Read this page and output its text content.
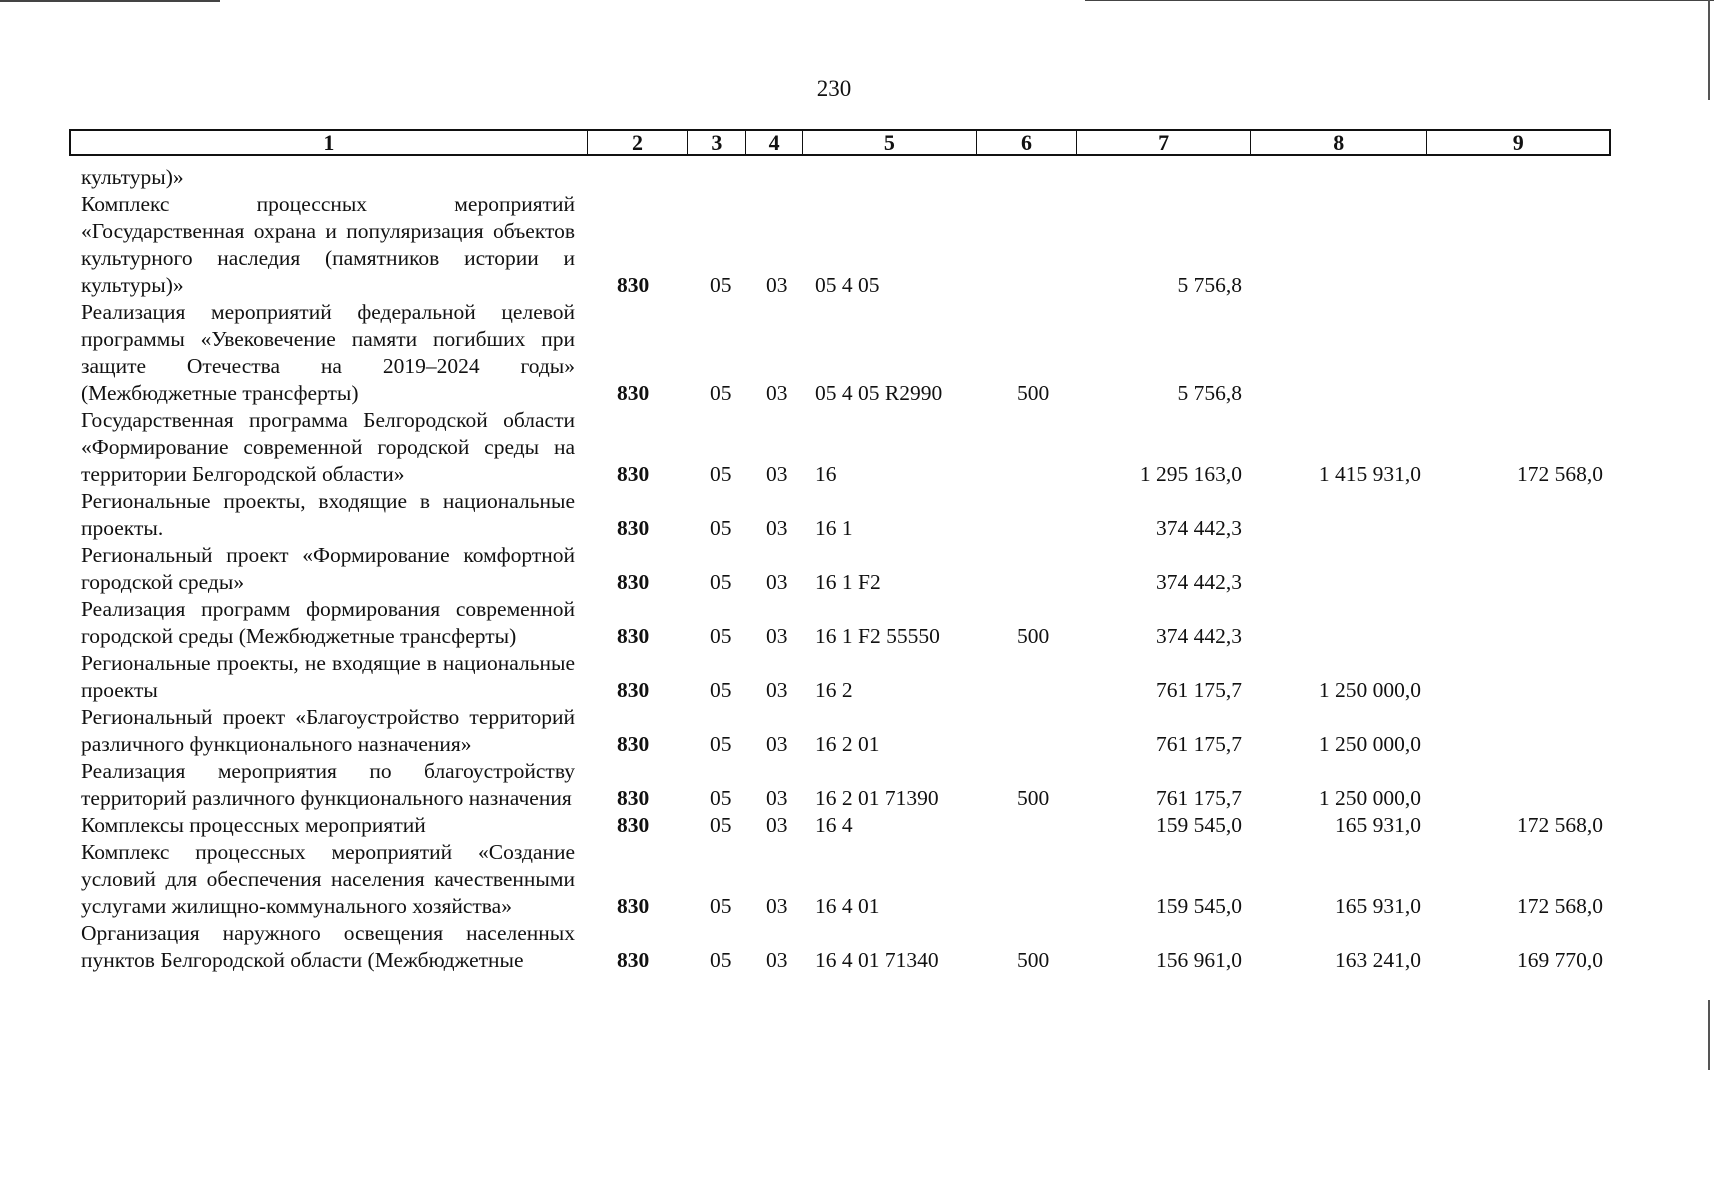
230
1	2	3	4	5	6	7	8	9
культуры)»								
Комплекс процессных мероприятий «Государственная охрана и популяризация объектов культурного наследия (памятников истории и культуры)»	830	05	03	05 4 05		5 756,8		
Реализация мероприятий федеральной целевой программы «Увековечение памяти погибших при защите Отечества на 2019–2024 годы» (Межбюджетные трансферты)	830	05	03	05 4 05 R2990	500	5 756,8		
Государственная программа Белгородской области «Формирование современной городской среды на территории Белгородской области»	830	05	03	16		1 295 163,0	1 415 931,0	172 568,0
Региональные проекты, входящие в национальные проекты.	830	05	03	16 1		374 442,3		
Региональный проект «Формирование комфортной городской среды»	830	05	03	16 1 F2		374 442,3		
Реализация программ формирования современной городской среды (Межбюджетные трансферты)	830	05	03	16 1 F2 55550	500	374 442,3		
Региональные проекты, не входящие в национальные проекты	830	05	03	16 2		761 175,7	1 250 000,0	
Региональный проект «Благоустройство территорий различного функционального назначения»	830	05	03	16 2 01		761 175,7	1 250 000,0	
Реализация мероприятия по благоустройству территорий различного функционального назначения	830	05	03	16 2 01 71390	500	761 175,7	1 250 000,0	
Комплексы процессных мероприятий	830	05	03	16 4		159 545,0	165 931,0	172 568,0
Комплекс процессных мероприятий «Создание условий для обеспечения населения качественными услугами жилищно-коммунального хозяйства»	830	05	03	16 4 01		159 545,0	165 931,0	172 568,0
Организация наружного освещения населенных пунктов Белгородской области (Межбюджетные	830	05	03	16 4 01 71340	500	156 961,0	163 241,0	169 770,0
